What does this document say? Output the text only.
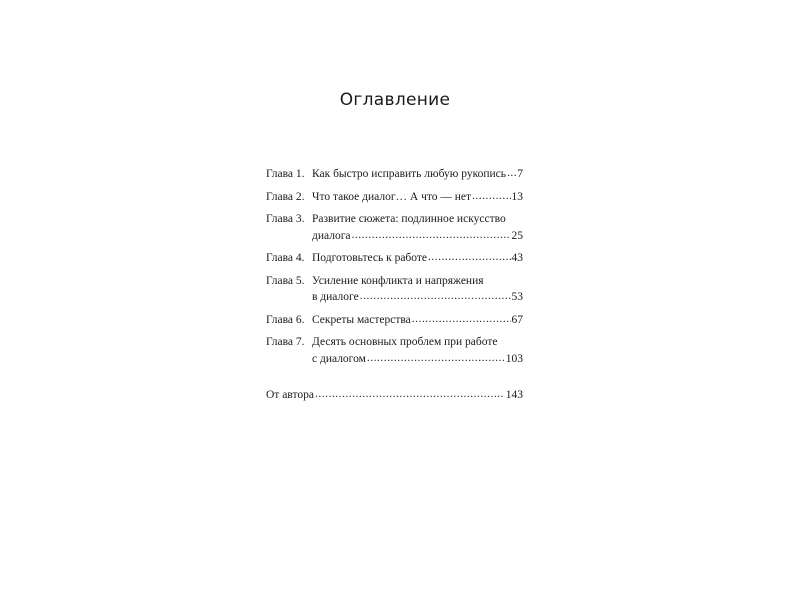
Оглавление
Глава 1. Как быстро исправить любую рукопись ..... 7
Глава 2. Что такое диалог… А что — нет .....	13
Глава 3. Развитие сюжета: подлинное искусство
диалога .....	25
Глава 4. Подготовьтесь к работе .....	43
Глава 5. Усиление конфликта и напряжения
в диалоге .....	53
Глава 6. Секреты мастерства .....	67
Глава 7. Десять основных проблем при работе
с диалогом .....	103
От автора .....	143
